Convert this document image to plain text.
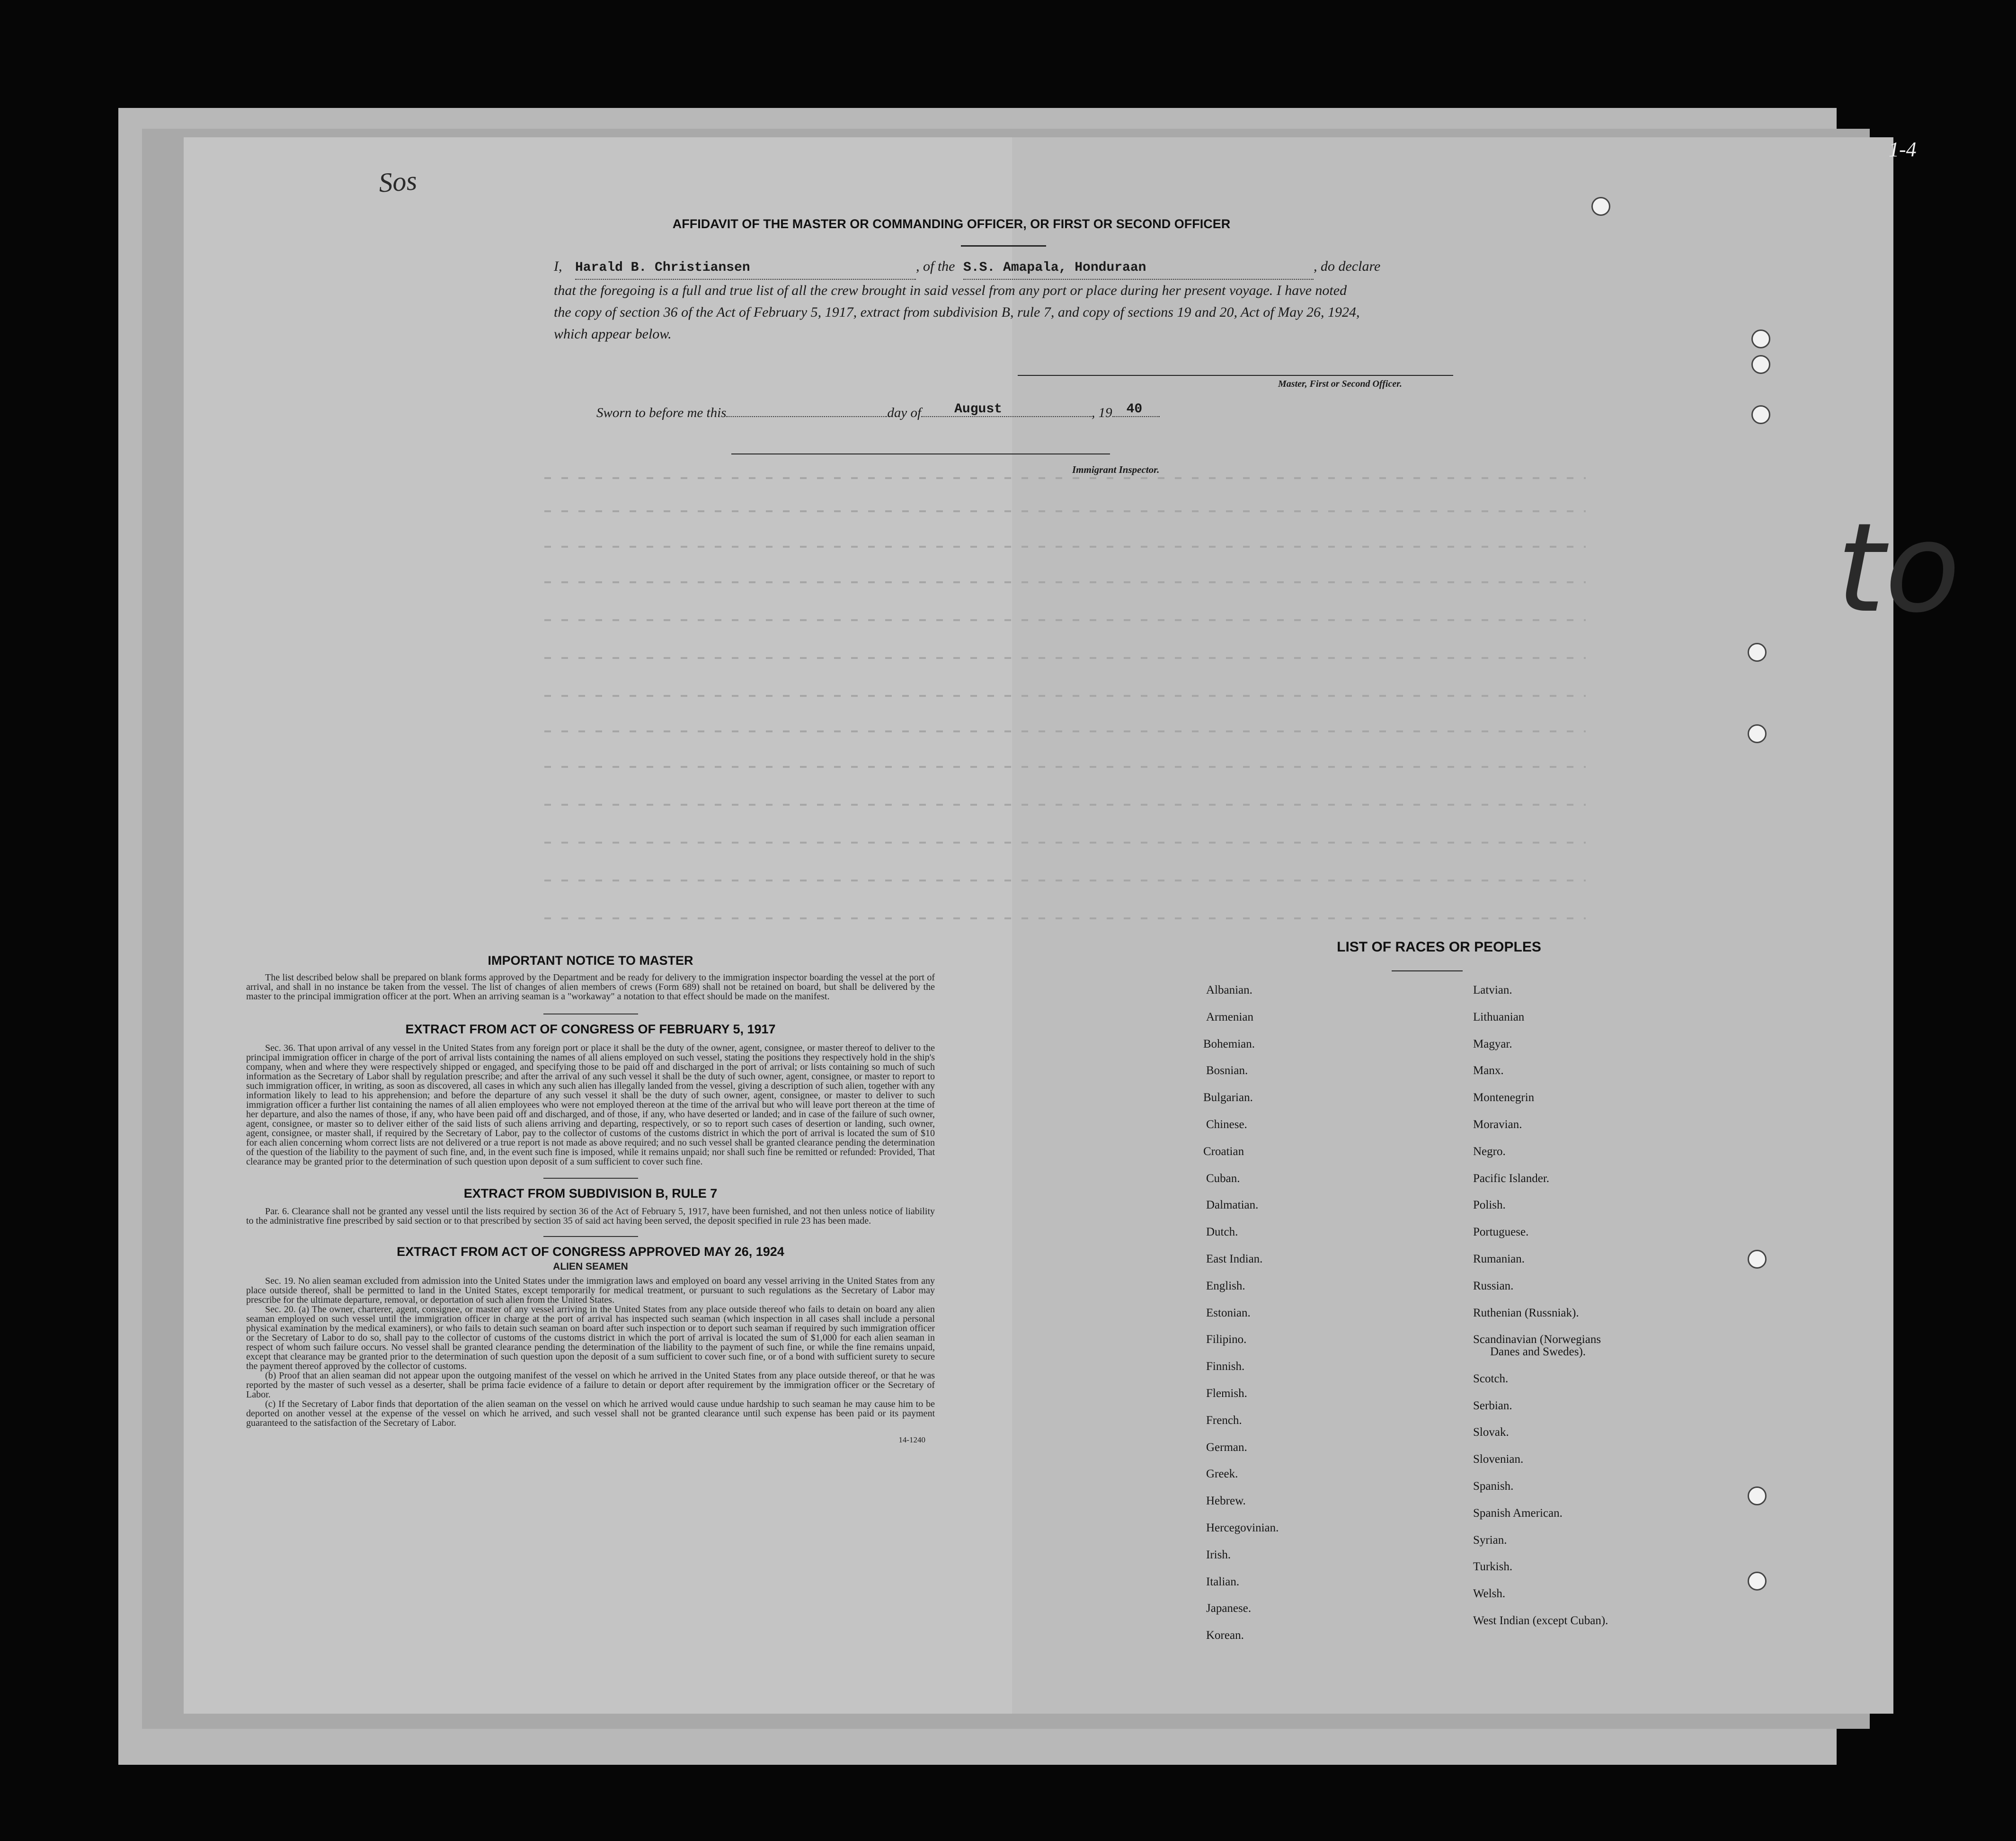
Sos
1-4
to
AFFIDAVIT OF THE MASTER OR COMMANDING OFFICER, OR FIRST OR SECOND OFFICER
I, Harald B. Christiansen	, of the S.S. Amapala, Honduraan	, do declare
that the foregoing is a full and true list of all the crew brought in said vessel from any port or place during her present voyage. I have noted
the copy of section 36 of the Act of February 5, 1917, extract from subdivision B, rule 7, and copy of sections 19 and 20, Act of May 26, 1924,
which appear below.
Master, First or Second Officer.
Sworn to before me this	day of	August	, 19 40
Immigrant Inspector.
IMPORTANT NOTICE TO MASTER

The list described below shall be prepared on blank forms approved by the Department and be ready for delivery to the immigration inspector boarding the vessel at the port of arrival, and shall in no instance be taken from the vessel. The list of changes of alien members of crews (Form 689) shall not be retained on board, but shall be delivered by the master to the principal immigration officer at the port. When an arriving seaman is a "workaway" a notation to that effect should be made on the manifest.

EXTRACT FROM ACT OF CONGRESS OF FEBRUARY 5, 1917

Sec. 36. That upon arrival of any vessel in the United States from any foreign port or place it shall be the duty of the owner, agent, consignee, or master thereof to deliver to the principal immigration officer in charge of the port of arrival lists containing the names of all aliens employed on such vessel, stating the positions they respectively hold in the ship's company, when and where they were respectively shipped or engaged, and specifying those to be paid off and discharged in the port of arrival; or lists containing so much of such information as the Secretary of Labor shall by regulation prescribe; and after the arrival of any such vessel it shall be the duty of such owner, agent, consignee, or master to report to such immigration officer, in writing, as soon as discovered, all cases in which any such alien has illegally landed from the vessel, giving a description of such alien, together with any information likely to lead to his apprehension; and before the departure of any such vessel it shall be the duty of such owner, agent, consignee, or master to deliver to such immigration officer a further list containing the names of all alien employees who were not employed thereon at the time of the arrival but who will leave port thereon at the time of her departure, and also the names of those, if any, who have been paid off and discharged, and of those, if any, who have deserted or landed; and in case of the failure of such owner, agent, consignee, or master so to deliver either of the said lists of such aliens arriving and departing, respectively, or so to report such cases of desertion or landing, such owner, agent, consignee, or master shall, if required by the Secretary of Labor, pay to the collector of customs of the customs district in which the port of arrival is located the sum of $10 for each alien concerning whom correct lists are not delivered or a true report is not made as above required; and no such vessel shall be granted clearance pending the determination of the question of the liability to the payment of such fine, and, in the event such fine is imposed, while it remains unpaid; nor shall such fine be remitted or refunded: Provided, That clearance may be granted prior to the determination of such question upon deposit of a sum sufficient to cover such fine.

EXTRACT FROM SUBDIVISION B, RULE 7

Par. 6. Clearance shall not be granted any vessel until the lists required by section 36 of the Act of February 5, 1917, have been furnished, and not then unless notice of liability to the administrative fine prescribed by said section or to that prescribed by section 35 of said act having been served, the deposit specified in rule 23 has been made.

EXTRACT FROM ACT OF CONGRESS APPROVED MAY 26, 1924
ALIEN SEAMEN

Sec. 19. No alien seaman excluded from admission into the United States under the immigration laws and employed on board any vessel arriving in the United States from any place outside thereof, shall be permitted to land in the United States, except temporarily for medical treatment, or pursuant to such regulations as the Secretary of Labor may prescribe for the ultimate departure, removal, or deportation of such alien from the United States.

Sec. 20. (a) The owner, charterer, agent, consignee, or master of any vessel arriving in the United States from any place outside thereof who fails to detain on board any alien seaman employed on such vessel until the immigration officer in charge at the port of arrival has inspected such seaman (which inspection in all cases shall include a personal physical examination by the medical examiners), or who fails to detain such seaman on board after such inspection or to deport such seaman if required by such immigration officer or the Secretary of Labor to do so, shall pay to the collector of customs of the customs district in which the port of arrival is located the sum of $1,000 for each alien seaman in respect of whom such failure occurs. No vessel shall be granted clearance pending the determination of the liability to the payment of such fine, or while the fine remains unpaid, except that clearance may be granted prior to the determination of such question upon the deposit of a sum sufficient to cover such fine, or of a bond with sufficient surety to secure the payment thereof approved by the collector of customs.

(b) Proof that an alien seaman did not appear upon the outgoing manifest of the vessel on which he arrived in the United States from any place outside thereof, or that he was reported by the master of such vessel as a deserter, shall be prima facie evidence of a failure to detain or deport after requirement by the immigration officer or the Secretary of Labor.

(c) If the Secretary of Labor finds that deportation of the alien seaman on the vessel on which he arrived would cause undue hardship to such seaman he may cause him to be deported on another vessel at the expense of the vessel on which he arrived, and such vessel shall not be granted clearance until such expense has been paid or its payment guaranteed to the satisfaction of the Secretary of Labor.

14-1240
LIST OF RACES OR PEOPLES
Albanian.
Armenian
Bohemian.
Bosnian.
Bulgarian.
Chinese.
Croatian
Cuban.
Dalmatian.
Dutch.
East Indian.
English.
Estonian.
Filipino.
Finnish.
Flemish.
French.
German.
Greek.
Hebrew.
Hercegovinian.
Irish.
Italian.
Japanese.
Korean.
Latvian.
Lithuanian
Magyar.
Manx.
Montenegrin
Moravian.
Negro.
Pacific Islander.
Polish.
Portuguese.
Rumanian.
Russian.
Ruthenian (Russniak).
Scandinavian (Norwegians
Danes and Swedes).
Scotch.
Serbian.
Slovak.
Slovenian.
Spanish.
Spanish American.
Syrian.
Turkish.
Welsh.
West Indian (except Cuban).
